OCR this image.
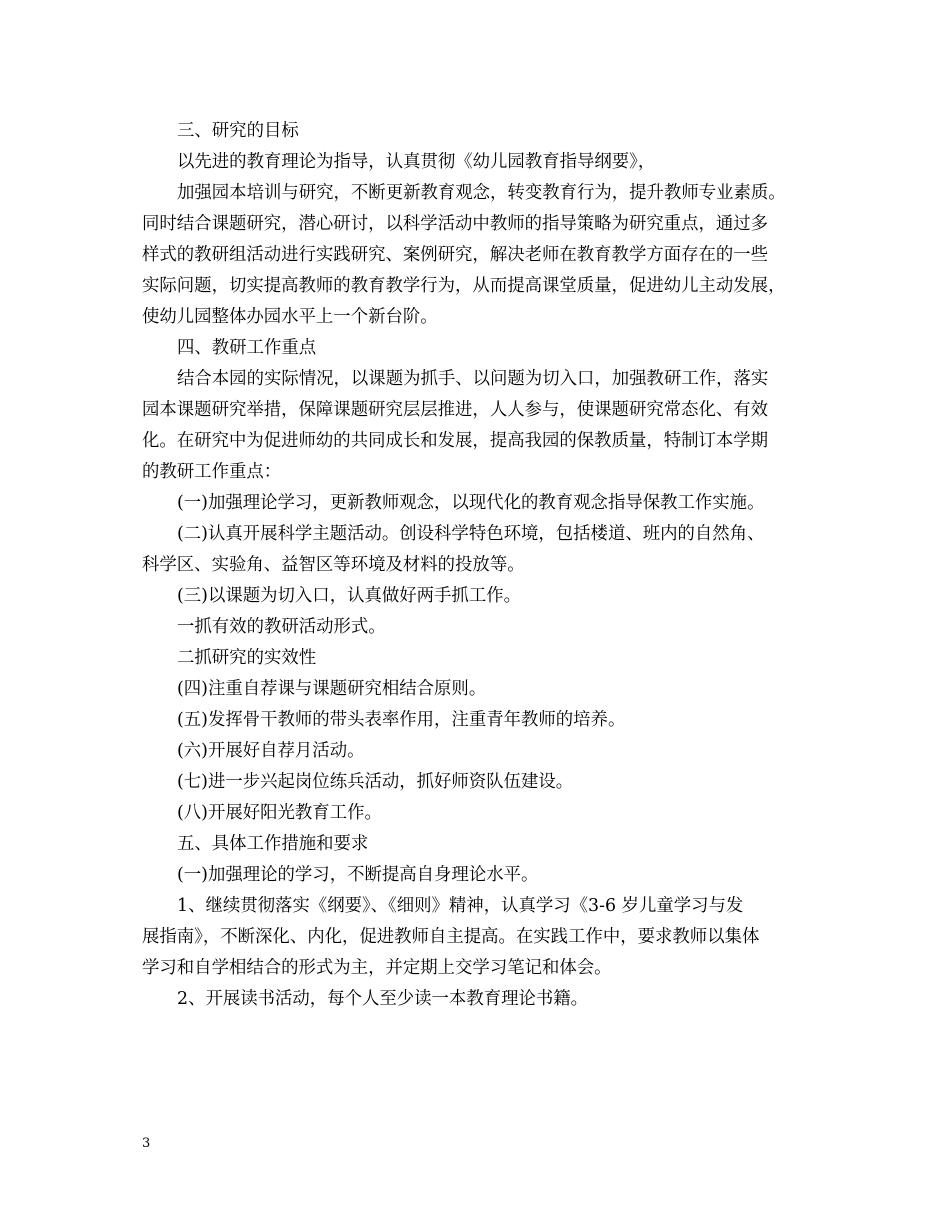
三、研究的目标
以先进的教育理论为指导，认真贯彻《幼儿园教育指导纲要》，
加强园本培训与研究，不断更新教育观念，转变教育行为，提升教师专业素质。
同时结合课题研究，潜心研讨，以科学活动中教师的指导策略为研究重点，通过多
样式的教研组活动进行实践研究、案例研究，解决老师在教育教学方面存在的一些
实际问题，切实提高教师的教育教学行为，从而提高课堂质量，促进幼儿主动发展，
使幼儿园整体办园水平上一个新台阶。
四、教研工作重点
结合本园的实际情况，以课题为抓手、以问题为切入口，加强教研工作，落实
园本课题研究举措，保障课题研究层层推进，人人参与，使课题研究常态化、有效
化。在研究中为促进师幼的共同成长和发展，提高我园的保教质量，特制订本学期
的教研工作重点：
(一)加强理论学习，更新教师观念，以现代化的教育观念指导保教工作实施。
(二)认真开展科学主题活动。创设科学特色环境，包括楼道、班内的自然角、
科学区、实验角、益智区等环境及材料的投放等。
(三)以课题为切入口，认真做好两手抓工作。
一抓有效的教研活动形式。
二抓研究的实效性
(四)注重自荐课与课题研究相结合原则。
(五)发挥骨干教师的带头表率作用，注重青年教师的培养。
(六)开展好自荐月活动。
(七)进一步兴起岗位练兵活动，抓好师资队伍建设。
(八)开展好阳光教育工作。
五、具体工作措施和要求
(一)加强理论的学习，不断提高自身理论水平。
1、继续贯彻落实《纲要》、《细则》精神，认真学习《3-6 岁儿童学习与发
展指南》，不断深化、内化，促进教师自主提高。在实践工作中，要求教师以集体
学习和自学相结合的形式为主，并定期上交学习笔记和体会。
2、开展读书活动，每个人至少读一本教育理论书籍。
3
